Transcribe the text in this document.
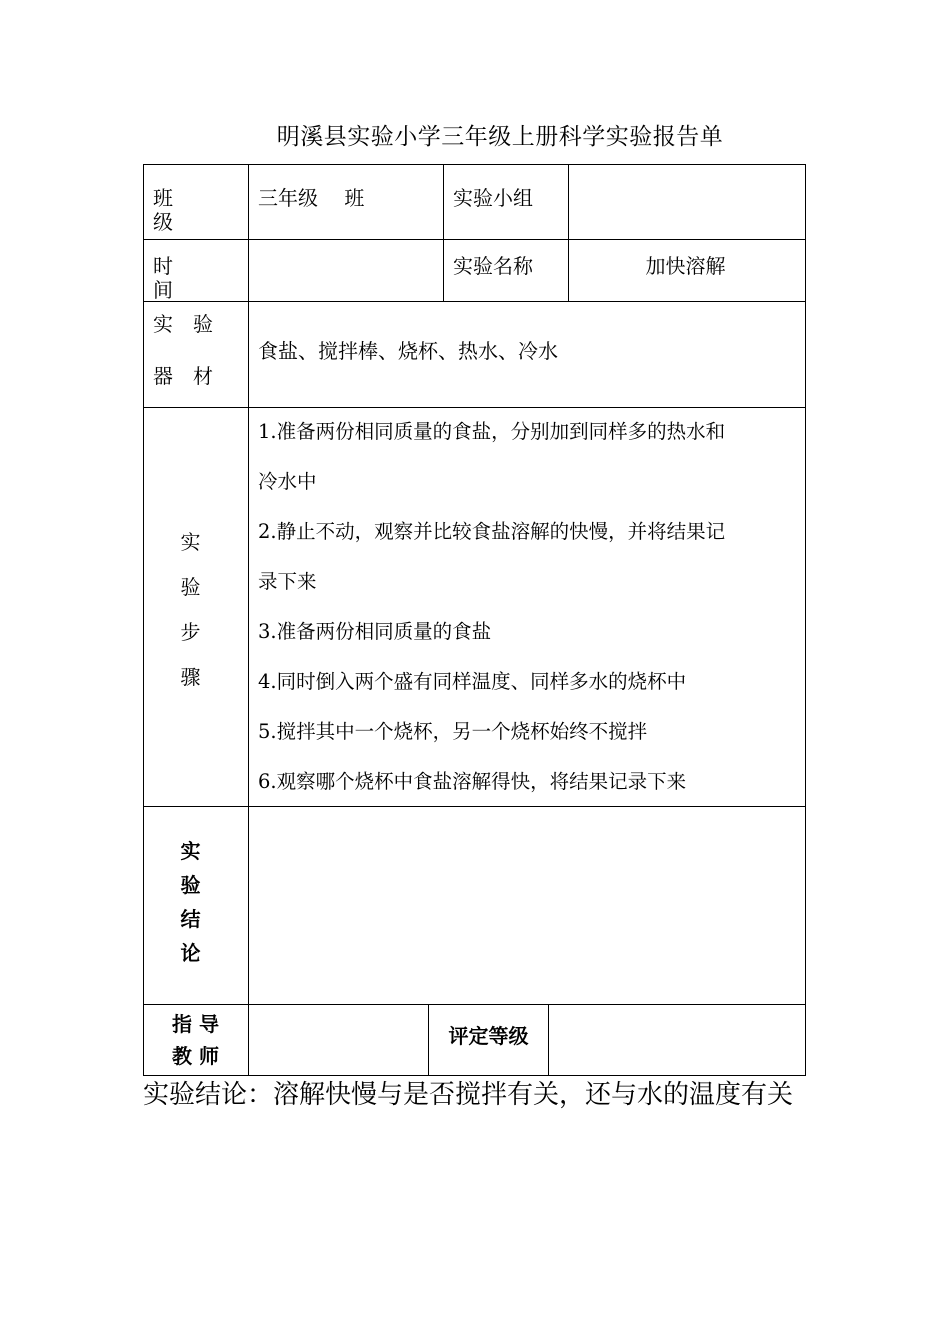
明溪县实验小学三年级上册科学实验报告单
班　　级
三年级　 班	实验小组
时　　间
实验名称	加快溶解
实　验
器　材
食盐、搅拌棒、烧杯、热水、冷水
实
验
步
骤
1.准备两份相同质量的食盐，分别加到同样多的热水和
冷水中
2.静止不动，观察并比较食盐溶解的快慢，并将结果记
录下来
3.准备两份相同质量的食盐
4.同时倒入两个盛有同样温度、同样多水的烧杯中
5.搅拌其中一个烧杯，另一个烧杯始终不搅拌
6.观察哪个烧杯中食盐溶解得快，将结果记录下来
实
验
结
论
指 导
教 师
评定等级
实验结论：溶解快慢与是否搅拌有关，还与水的温度有关
